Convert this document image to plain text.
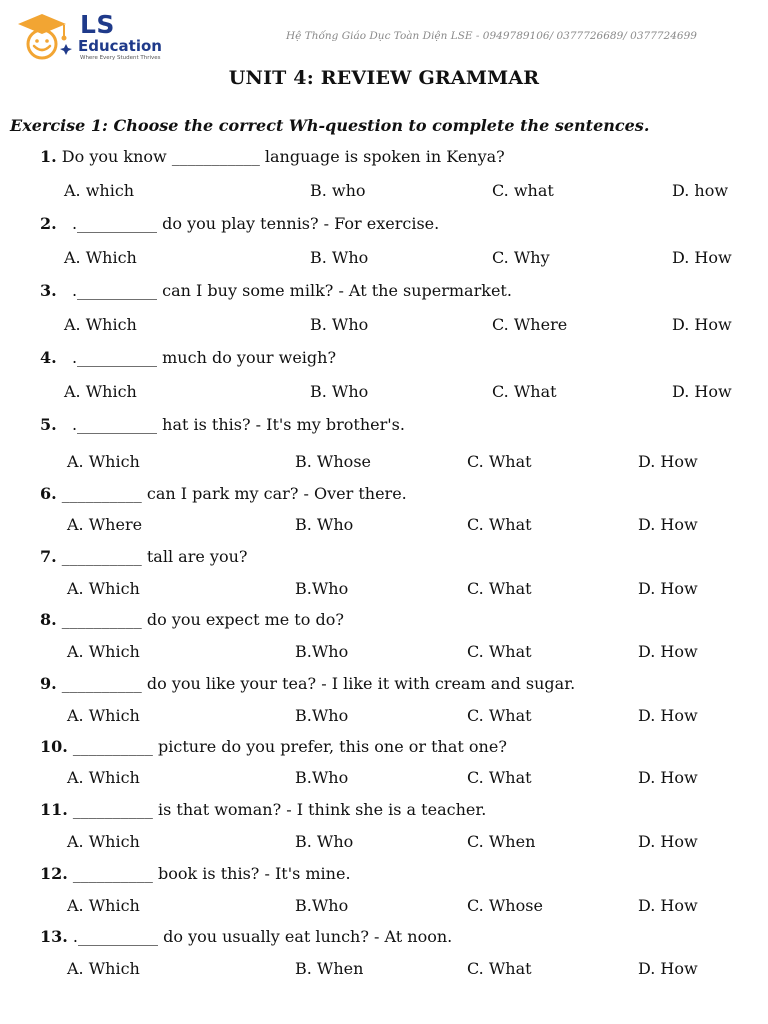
LS
Education
Where Every Student Thrives
Hệ Thống Giáo Dục Toàn Diện LSE - 0949789106/ 0377726689/ 0377724699
UNIT 4: REVIEW GRAMMAR
Exercise 1: Choose the correct Wh-question to complete the sentences.
1. Do you know ___________ language is spoken in Kenya?
A. which	B. who	C. what	D. how
2.   .__________ do you play tennis? - For exercise.
A. Which	B. Who	C. Why	D. How
3.   .__________ can I buy some milk? - At the supermarket.
A. Which	B. Who	C. Where	D. How
4.   .__________ much do your weigh?
A. Which	B. Who	C. What	D. How
5.   .__________ hat is this? - It's my brother's.
A. Which	B. Whose	C. What	D. How
6. __________ can I park my car? - Over there.
A. Where	B. Who	C. What	D. How
7. __________ tall are you?
A. Which	B.Who	C. What	D. How
8. __________ do you expect me to do?
A. Which	B.Who	C. What	D. How
9. __________ do you like your tea? - I like it with cream and sugar.
A. Which	B.Who	C. What	D. How
10. __________ picture do you prefer, this one or that one?
A. Which	B.Who	C. What	D. How
11. __________ is that woman? - I think she is a teacher.
A. Which	B. Who	C. When	D. How
12. __________ book is this? - It's mine.
A. Which	B.Who	C. Whose	D. How
13. .__________ do you usually eat lunch? - At noon.
A. Which	B. When	C. What	D. How
